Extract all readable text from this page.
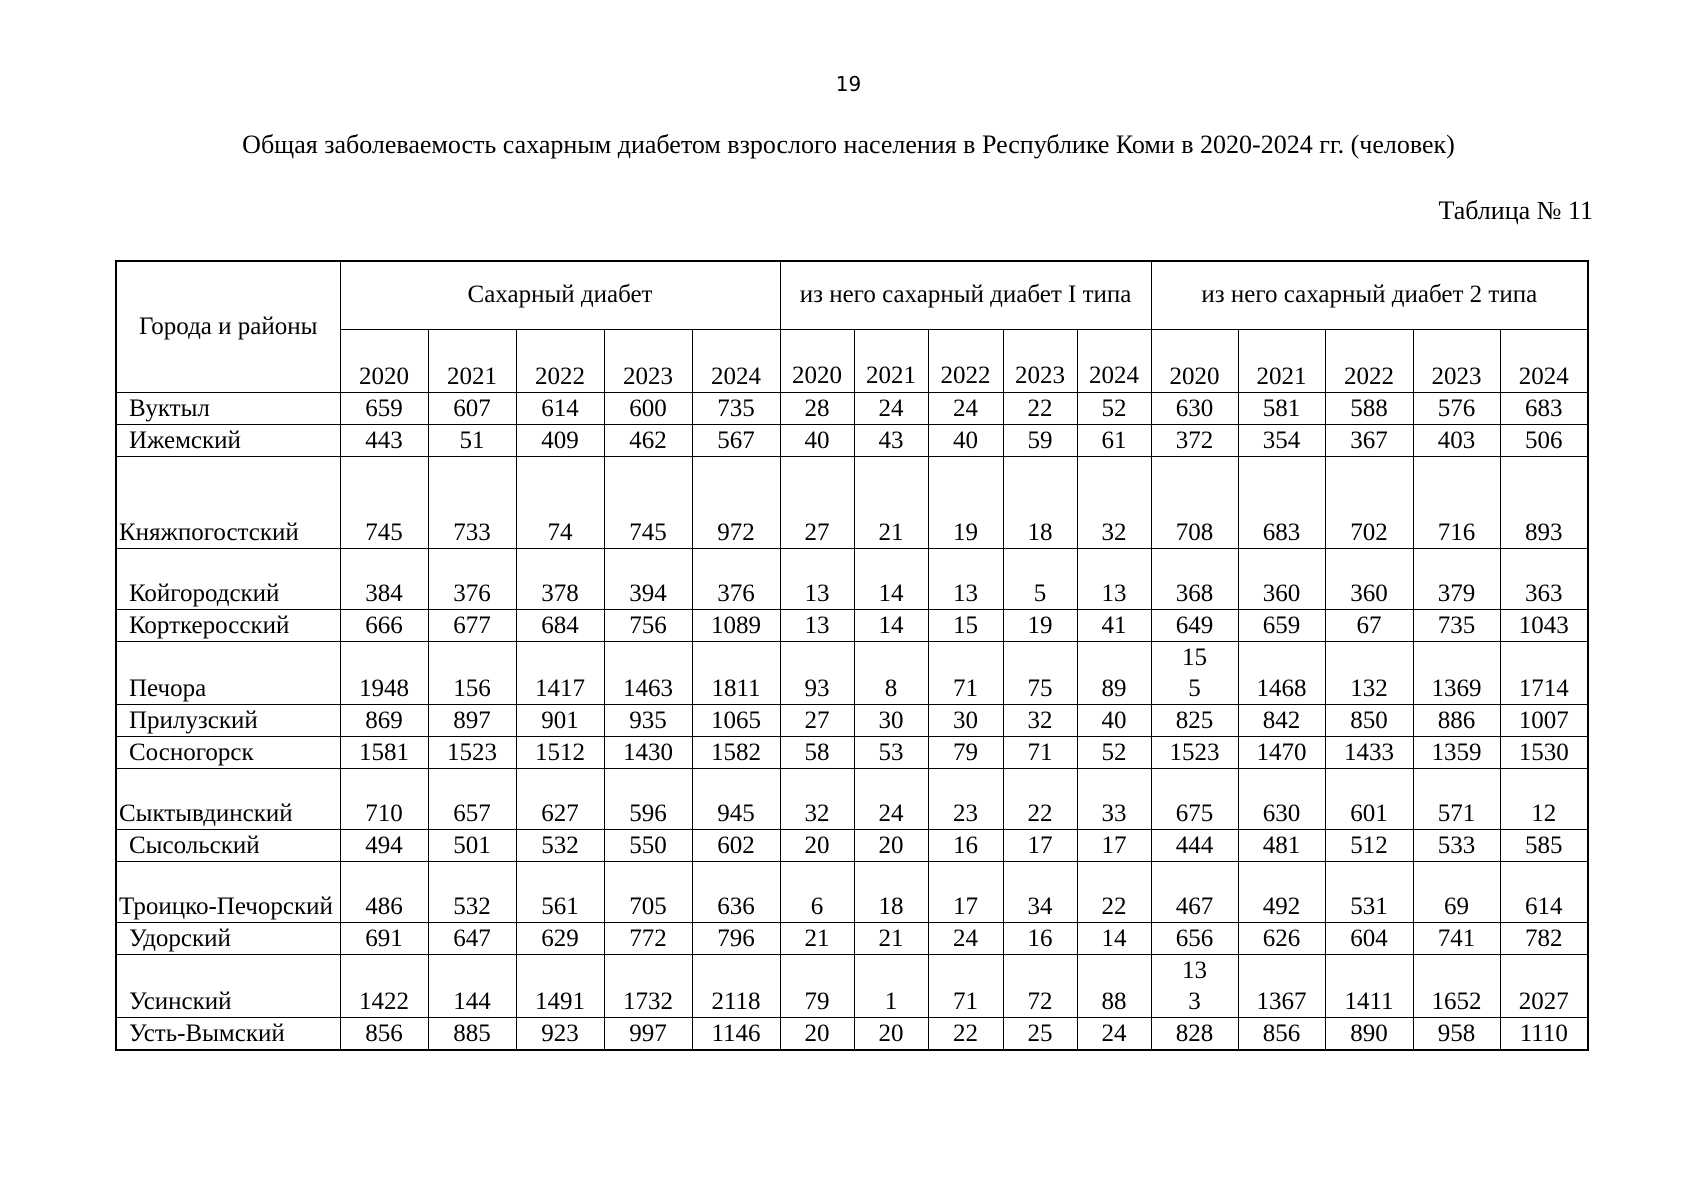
19
Общая заболеваемость сахарным диабетом взрослого населения в Республике Коми в 2020-2024 гг. (человек)
Таблица № 11
Города и районы	Сахарный диабет					из него сахарный диабет I типа					из него сахарный диабет 2 типа				
	2020	2021	2022	2023	2024	2020	2021	2022	2023	2024	2020	2021	2022	2023	2024
Вуктыл	659	607	614	600	735	28	24	24	22	52	630	581	588	576	683
Ижемский	443	51	409	462	567	40	43	40	59	61	372	354	367	403	506
Княжпогостский	745	733	74	745	972	27	21	19	18	32	708	683	702	716	893
Койгородский	384	376	378	394	376	13	14	13	5	13	368	360	360	379	363
Корткеросский	666	677	684	756	1089	13	14	15	19	41	649	659	67	735	1043
Печора	1948	156	1417	1463	1811	93	8	71	75	89	155	1468	132	1369	1714
Прилузский	869	897	901	935	1065	27	30	30	32	40	825	842	850	886	1007
Сосногорск	1581	1523	1512	1430	1582	58	53	79	71	52	1523	1470	1433	1359	1530
Сыктывдинский	710	657	627	596	945	32	24	23	22	33	675	630	601	571	12
Сысольский	494	501	532	550	602	20	20	16	17	17	444	481	512	533	585
Троицко-Печорский	486	532	561	705	636	6	18	17	34	22	467	492	531	69	614
Удорский	691	647	629	772	796	21	21	24	16	14	656	626	604	741	782
Усинский	1422	144	1491	1732	2118	79	1	71	72	88	133	1367	1411	1652	2027
Усть-Вымский	856	885	923	997	1146	20	20	22	25	24	828	856	890	958	1110
